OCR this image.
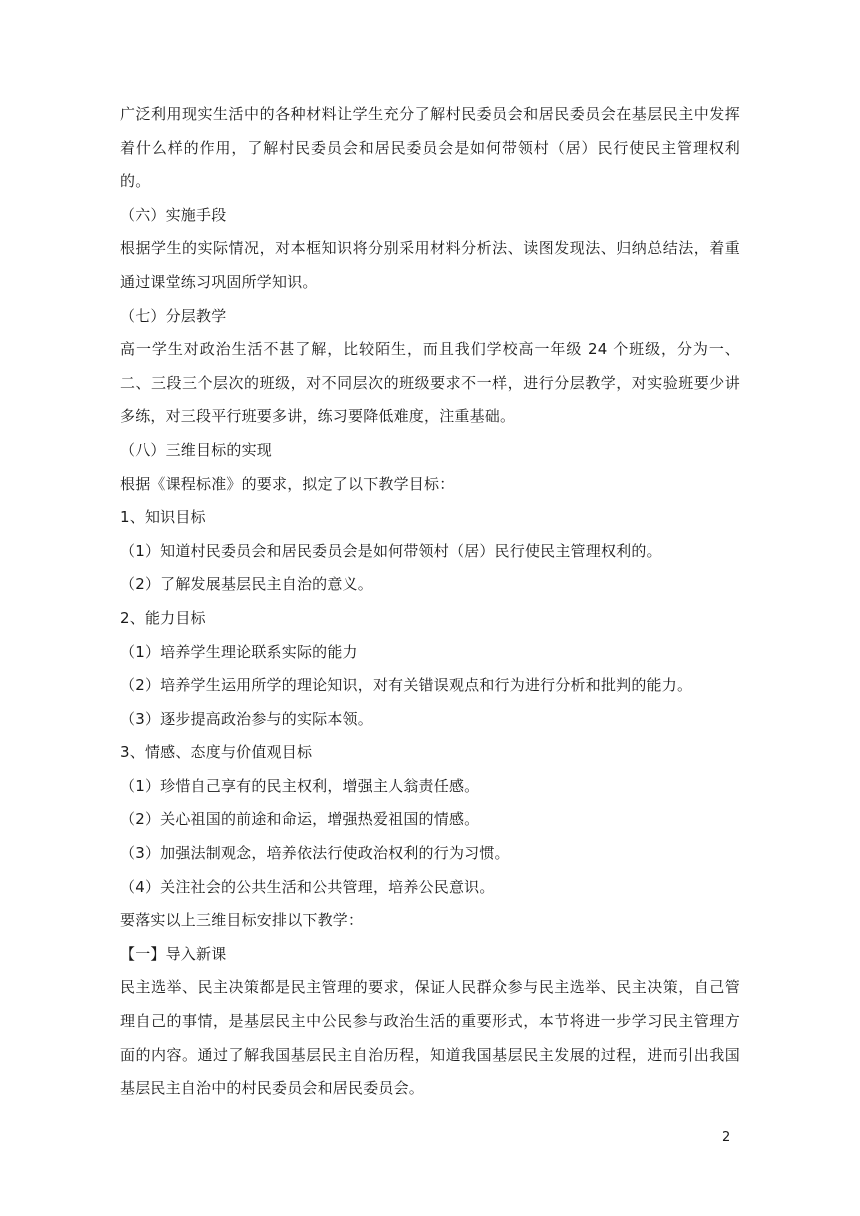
广泛利用现实生活中的各种材料让学生充分了解村民委员会和居民委员会在基层民主中发挥着什么样的作用，了解村民委员会和居民委员会是如何带领村（居）民行使民主管理权利的。

（六）实施手段

根据学生的实际情况，对本框知识将分别采用材料分析法、读图发现法、归纳总结法，着重通过课堂练习巩固所学知识。

（七）分层教学

高一学生对政治生活不甚了解，比较陌生，而且我们学校高一年级 24 个班级，分为一、二、三段三个层次的班级，对不同层次的班级要求不一样，进行分层教学，对实验班要少讲多练，对三段平行班要多讲，练习要降低难度，注重基础。

（八）三维目标的实现

根据《课程标准》的要求，拟定了以下教学目标：

1、知识目标

（1）知道村民委员会和居民委员会是如何带领村（居）民行使民主管理权利的。

（2）了解发展基层民主自治的意义。

2、能力目标

（1）培养学生理论联系实际的能力

（2）培养学生运用所学的理论知识，对有关错误观点和行为进行分析和批判的能力。

（3）逐步提高政治参与的实际本领。

3、情感、态度与价值观目标

（1）珍惜自己享有的民主权利，增强主人翁责任感。

（2）关心祖国的前途和命运，增强热爱祖国的情感。

（3）加强法制观念，培养依法行使政治权利的行为习惯。

（4）关注社会的公共生活和公共管理，培养公民意识。

要落实以上三维目标安排以下教学：

【一】导入新课

民主选举、民主决策都是民主管理的要求，保证人民群众参与民主选举、民主决策，自己管理自己的事情，是基层民主中公民参与政治生活的重要形式，本节将进一步学习民主管理方面的内容。通过了解我国基层民主自治历程，知道我国基层民主发展的过程，进而引出我国基层民主自治中的村民委员会和居民委员会。

2
